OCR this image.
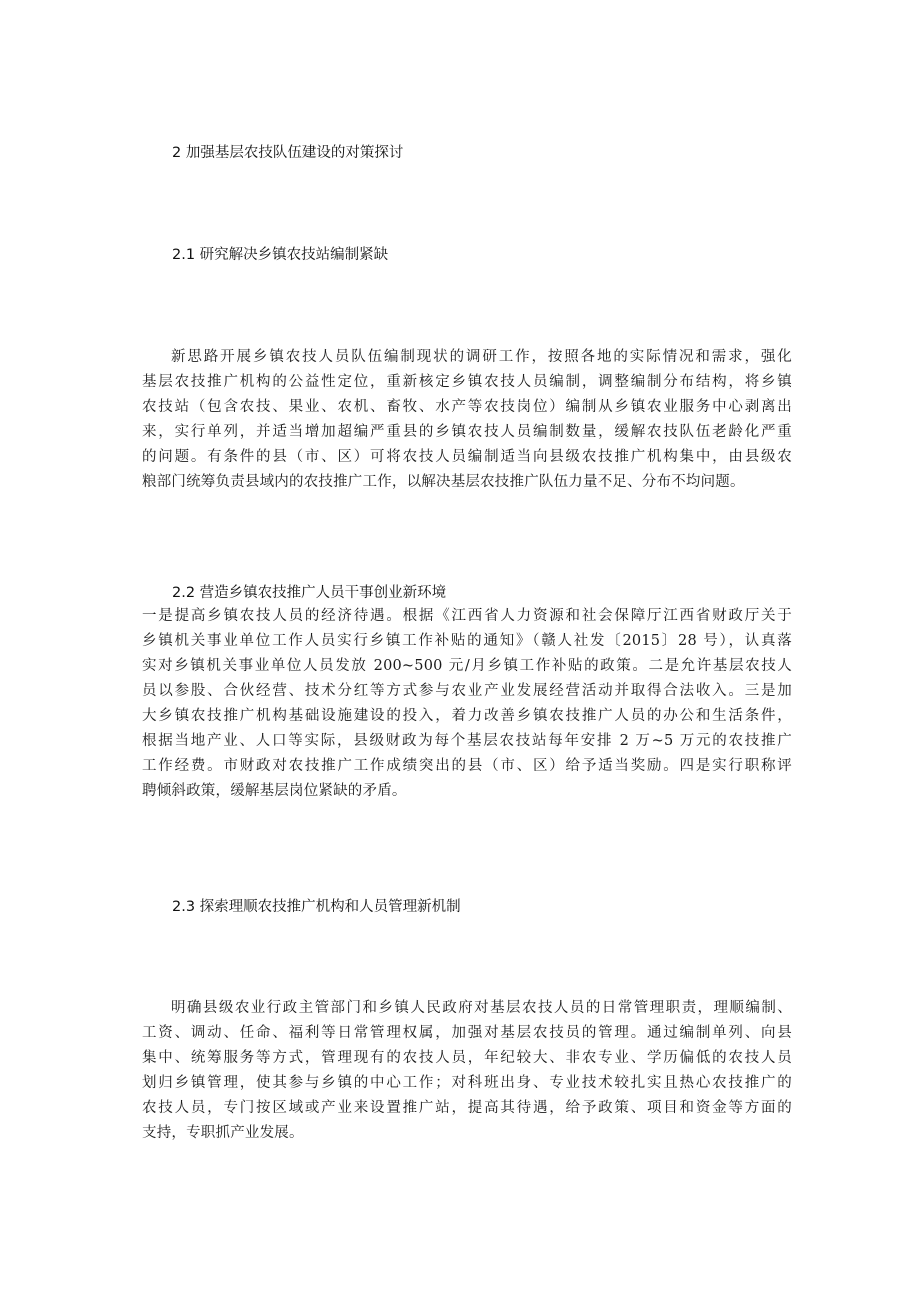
2 加强基层农技队伍建设的对策探讨
2.1 研究解决乡镇农技站编制紧缺
新思路开展乡镇农技人员队伍编制现状的调研工作，按照各地的实际情况和需求，强化
基层农技推广机构的公益性定位，重新核定乡镇农技人员编制，调整编制分布结构，将乡镇
农技站（包含农技、果业、农机、畜牧、水产等农技岗位）编制从乡镇农业服务中心剥离出
来，实行单列，并适当增加超编严重县的乡镇农技人员编制数量，缓解农技队伍老龄化严重
的问题。有条件的县（市、区）可将农技人员编制适当向县级农技推广机构集中，由县级农
粮部门统筹负责县域内的农技推广工作，以解决基层农技推广队伍力量不足、分布不均问题。
2.2 营造乡镇农技推广人员干事创业新环境
一是提高乡镇农技人员的经济待遇。根据《江西省人力资源和社会保障厅江西省财政厅关于
乡镇机关事业单位工作人员实行乡镇工作补贴的通知》（赣人社发〔2015〕28 号），认真落
实对乡镇机关事业单位人员发放 200~500 元/月乡镇工作补贴的政策。二是允许基层农技人
员以参股、合伙经营、技术分红等方式参与农业产业发展经营活动并取得合法收入。三是加
大乡镇农技推广机构基础设施建设的投入，着力改善乡镇农技推广人员的办公和生活条件，
根据当地产业、人口等实际，县级财政为每个基层农技站每年安排 2 万~5 万元的农技推广
工作经费。市财政对农技推广工作成绩突出的县（市、区）给予适当奖励。四是实行职称评
聘倾斜政策，缓解基层岗位紧缺的矛盾。
2.3 探索理顺农技推广机构和人员管理新机制
明确县级农业行政主管部门和乡镇人民政府对基层农技人员的日常管理职责，理顺编制、
工资、调动、任命、福利等日常管理权属，加强对基层农技员的管理。通过编制单列、向县
集中、统筹服务等方式，管理现有的农技人员，年纪较大、非农专业、学历偏低的农技人员
划归乡镇管理，使其参与乡镇的中心工作；对科班出身、专业技术较扎实且热心农技推广的
农技人员，专门按区域或产业来设置推广站，提高其待遇，给予政策、项目和资金等方面的
支持，专职抓产业发展。
